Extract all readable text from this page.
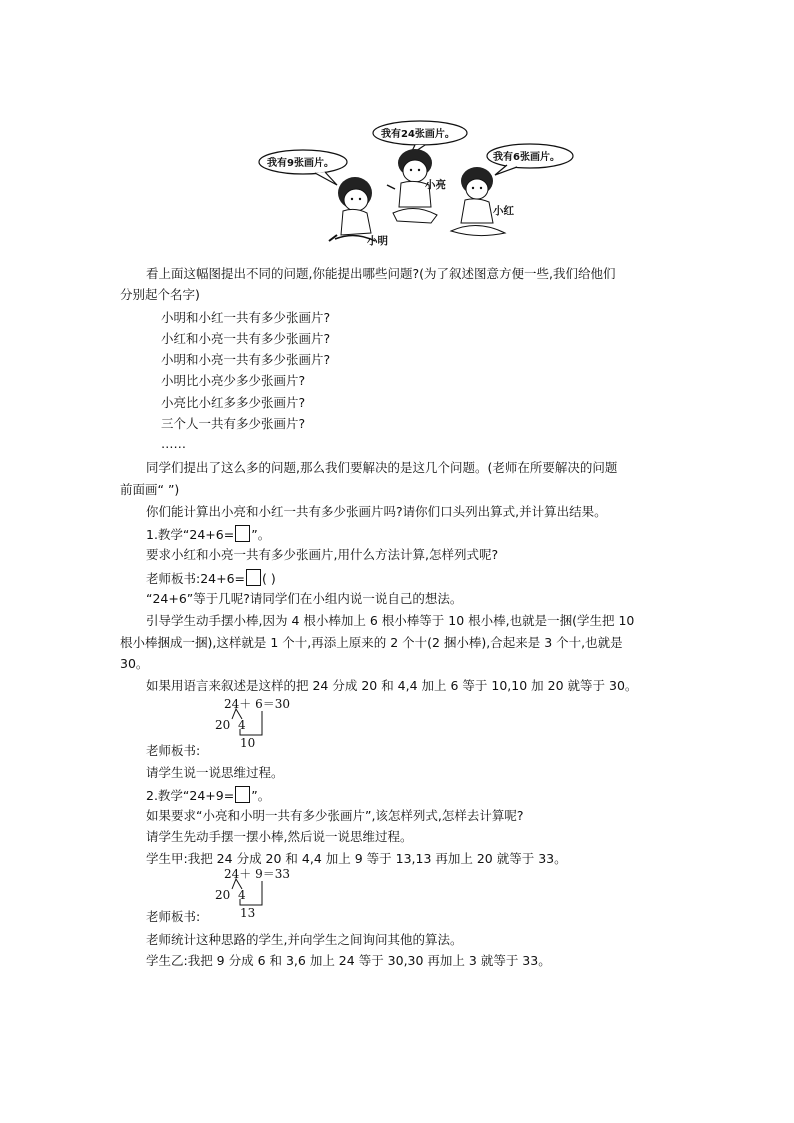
我有9张画片。
我有24张画片。
我有6张画片。
小明
小亮
小红
看上面这幅图提出不同的问题,你能提出哪些问题?(为了叙述图意方便一些,我们给他们
分别起个名字)
小明和小红一共有多少张画片?
小红和小亮一共有多少张画片?
小明和小亮一共有多少张画片?
小明比小亮少多少张画片?
小亮比小红多多少张画片?
三个人一共有多少张画片?
……
同学们提出了这么多的问题,那么我们要解决的是这几个问题。(老师在所要解决的问题
前面画“ ”)
你们能计算出小亮和小红一共有多少张画片吗?请你们口头列出算式,并计算出结果。
1.教学“24+6= ”。
要求小红和小亮一共有多少张画片,用什么方法计算,怎样列式呢?
老师板书:24+6= ( )
“24+6”等于几呢?请同学们在小组内说一说自己的想法。
引导学生动手摆小棒,因为 4 根小棒加上 6 根小棒等于 10 根小棒,也就是一捆(学生把 10
根小棒捆成一捆),这样就是 1 个十,再添上原来的 2 个十(2 捆小棒),合起来是 3 个十,也就是
30。
如果用语言来叙述是这样的把 24 分成 20 和 4,4 加上 6 等于 10,10 加 20 就等于 30。
24＋ 6＝30
20 4
10
老师板书:
请学生说一说思维过程。
2.教学“24+9= ”。
如果要求“小亮和小明一共有多少张画片”,该怎样列式,怎样去计算呢?
请学生先动手摆一摆小棒,然后说一说思维过程。
学生甲:我把 24 分成 20 和 4,4 加上 9 等于 13,13 再加上 20 就等于 33。
24＋ 9＝33
20 4
13
老师板书:
老师统计这种思路的学生,并向学生之间询问其他的算法。
学生乙:我把 9 分成 6 和 3,6 加上 24 等于 30,30 再加上 3 就等于 33。
